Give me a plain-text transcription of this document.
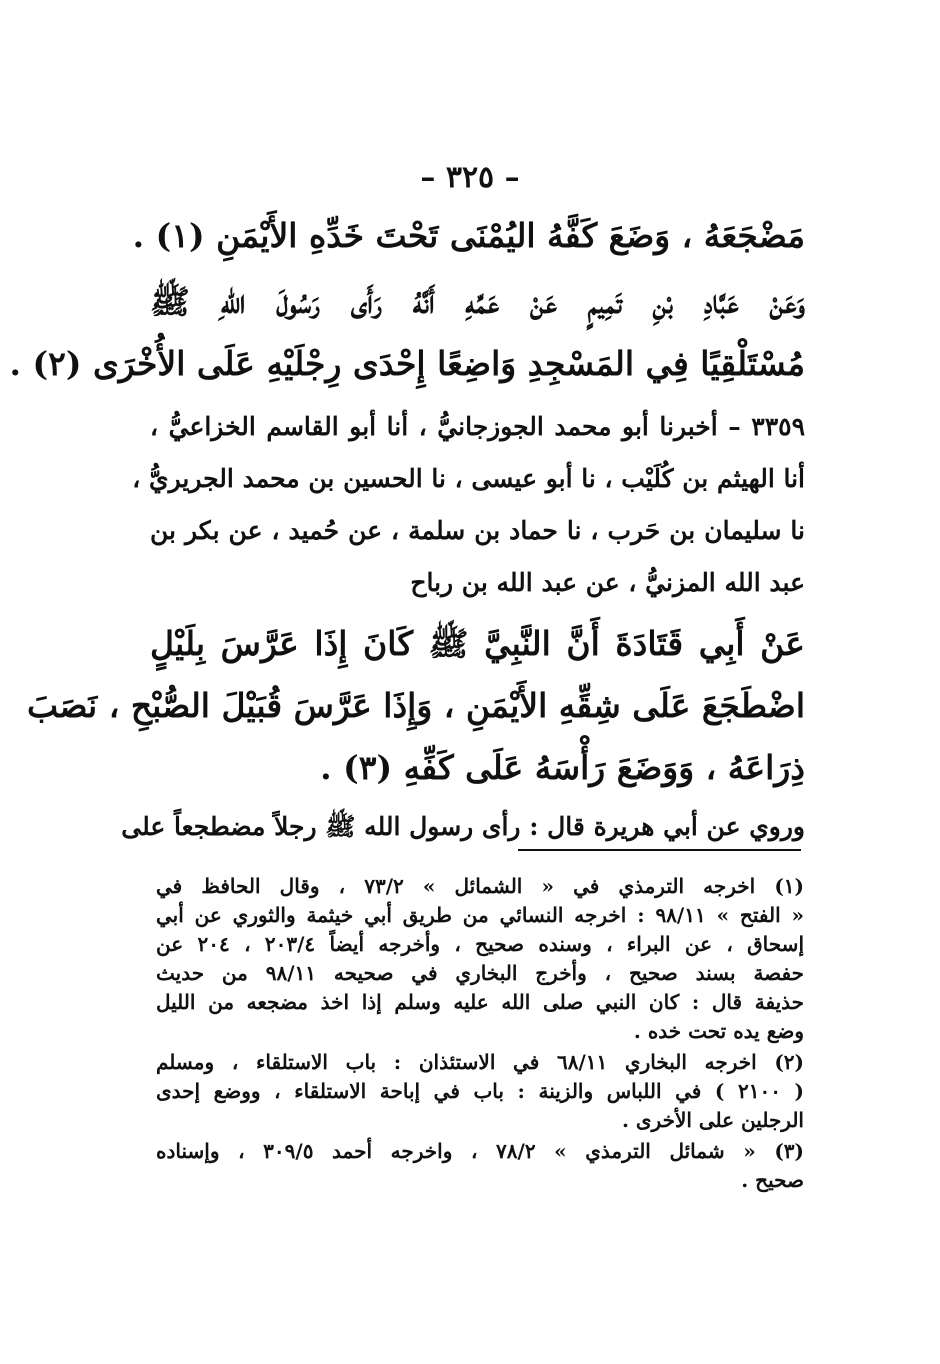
– ٣٢٥ –
مَضْجَعَهُ ، وَضَعَ كَفَّهُ اليُمْنَى تَحْتَ خَدِّهِ الأَيْمَنِ (١) .
وَعَنْ عَبَّادِ بْنِ تَمِيمٍ عَنْ عَمِّهِ أَنَّهُ رَأَى رَسُولَ اللهِ ﷺ
مُسْتَلْقِيًا فِي المَسْجِدِ وَاضِعًا إِحْدَى رِجْلَيْهِ عَلَى الأُخْرَى (٢) .
٣٣٥٩ – أخبرنا أبو محمد الجوزجانيُّ ، أنا أبو القاسم الخزاعيُّ ،
أنا الهيثم بن كُلَيْب ، نا أبو عيسى ، نا الحسين بن محمد الجريريُّ ،
نا سليمان بن حَرب ، نا حماد بن سلمة ، عن حُميد ، عن بكر بن
عبد الله المزنيُّ ، عن عبد الله بن رباح
عَنْ أَبِي قَتَادَةَ أَنَّ النَّبِيَّ ﷺ كَانَ إِذَا عَرَّسَ بِلَيْلٍ
اضْطَجَعَ عَلَى شِقِّهِ الأَيْمَنِ ، وَإِذَا عَرَّسَ قُبَيْلَ الصُّبْحِ ، نَصَبَ
ذِرَاعَهُ ، وَوَضَعَ رَأْسَهُ عَلَى كَفِّهِ (٣) .
وروي عن أبي هريرة قال : رأى رسول الله ﷺ رجلاً مضطجعاً على
(١) اخرجه الترمذي في « الشمائل » ٧٣/٢ ، وقال الحافظ في
« الفتح » ٩٨/١١ : اخرجه النسائي من طريق أبي خيثمة والثوري عن أبي
إسحاق ، عن البراء ، وسنده صحيح ، وأخرجه أيضاً ٢٠٣/٤ ، ٢٠٤ عن
حفصة بسند صحيح ، وأخرج البخاري في صحيحه ٩٨/١١ من حديث
حذيفة قال : كان النبي صلى الله عليه وسلم إذا اخذ مضجعه من الليل
وضع يده تحت خده .
(٢) اخرجه البخاري ٦٨/١١ في الاستئذان : باب الاستلقاء ، ومسلم
( ٢١٠٠ ) في اللباس والزينة : باب في إباحة الاستلقاء ، ووضع إحدى
الرجلين على الأخرى .
(٣) « شمائل الترمذي » ٧٨/٢ ، واخرجه أحمد ٣٠٩/٥ ، وإسناده
صحيح .
